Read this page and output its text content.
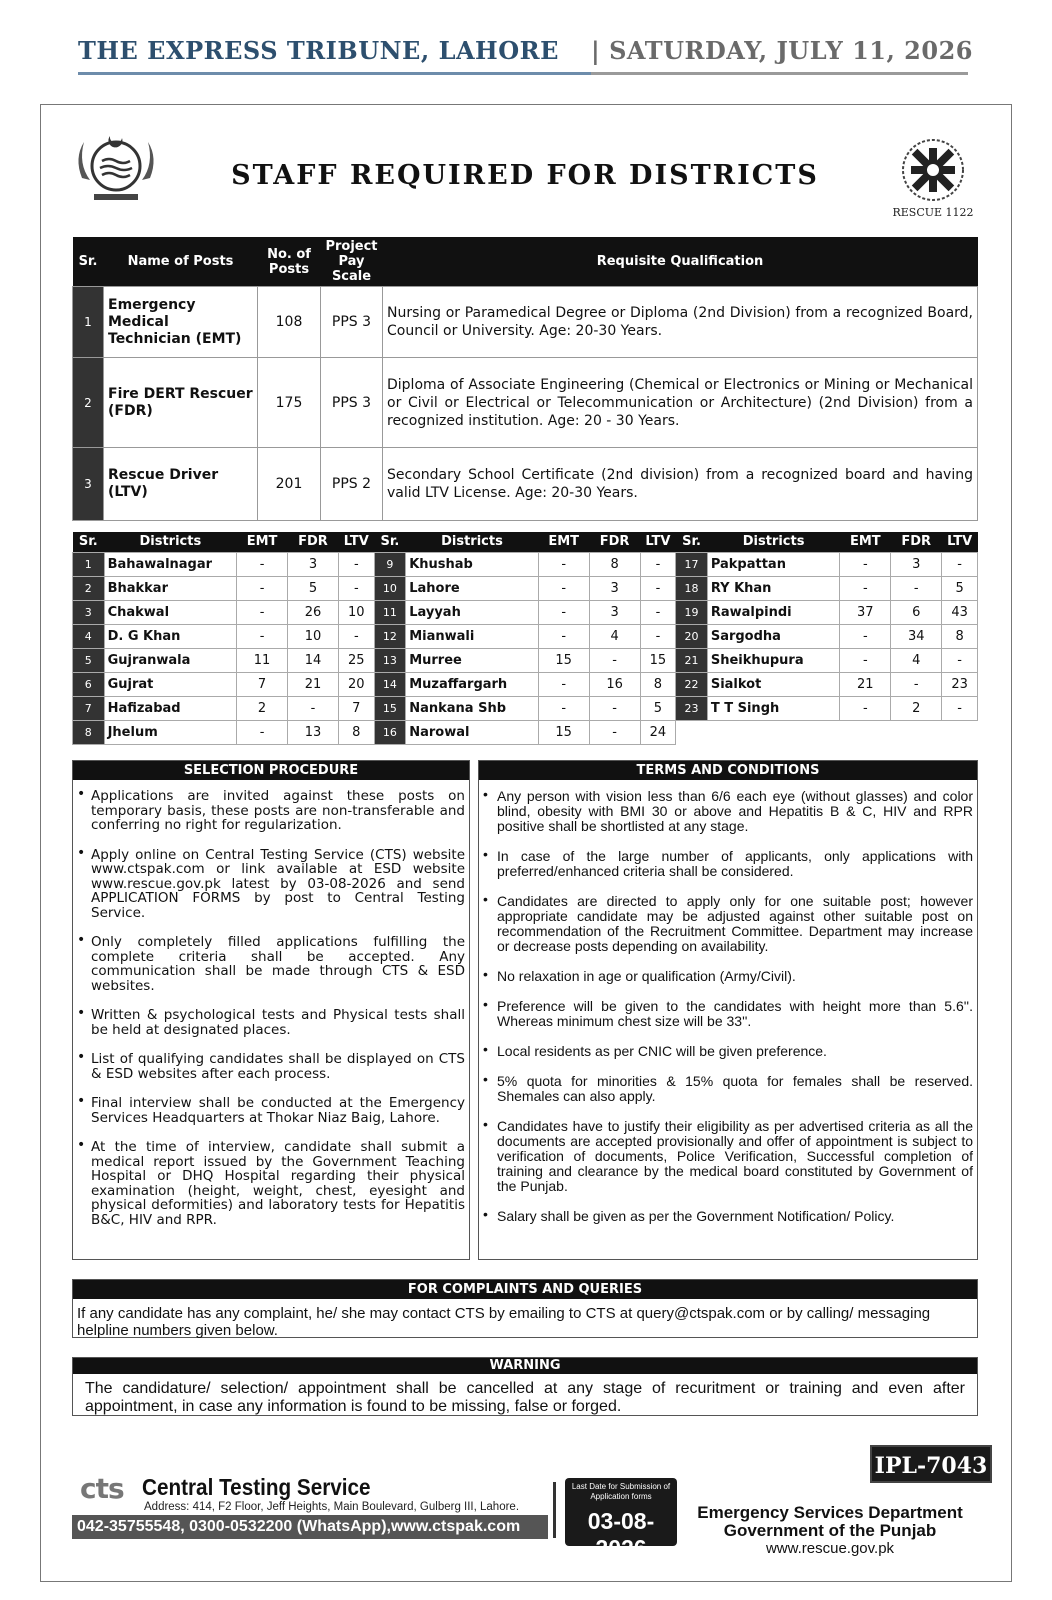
THE EXPRESS TRIBUNE, LAHORE | SATURDAY, JULY 11, 2026
STAFF REQUIRED FOR DISTRICTS
RESCUE 1122
Sr.	Name of Posts	No. of Posts	Project Pay Scale	Requisite Qualification
1	Emergency Medical Technician (EMT)	108	PPS 3	Nursing or Paramedical Degree or Diploma (2nd Division) from a recognized Board, Council or University. Age: 20-30 Years.
2	Fire DERT Rescuer (FDR)	175	PPS 3	Diploma of Associate Engineering (Chemical or Electronics or Mining or Mechanical or Civil or Electrical or Telecommunication or Architecture) (2nd Division) from a recognized institution. Age: 20 - 30 Years.
3	Rescue Driver (LTV)	201	PPS 2	Secondary School Certificate (2nd division) from a recognized board and having valid LTV License. Age: 20-30 Years.
Sr.	Districts	EMT	FDR	LTV	Sr.	Districts	EMT	FDR	LTV	Sr.	Districts	EMT	FDR	LTV
1	Bahawalnagar	-	3	-	9	Khushab	-	8	-	17	Pakpattan	-	3	-
2	Bhakkar	-	5	-	10	Lahore	-	3	-	18	RY Khan	-	-	5
3	Chakwal	-	26	10	11	Layyah	-	3	-	19	Rawalpindi	37	6	43
4	D. G Khan	-	10	-	12	Mianwali	-	4	-	20	Sargodha	-	34	8
5	Gujranwala	11	14	25	13	Murree	15	-	15	21	Sheikhupura	-	4	-
6	Gujrat	7	21	20	14	Muzaffargarh	-	16	8	22	Sialkot	21	-	23
7	Hafizabad	2	-	7	15	Nankana Shb	-	-	5	23	T T Singh	-	2	-
8	Jhelum	-	13	8	16	Narowal	15	-	24					
SELECTION PROCEDURE
• Applications are invited against these posts on temporary basis, these posts are non-transferable and conferring no right for regularization.
• Apply online on Central Testing Service (CTS) website www.ctspak.com or link available at ESD website www.rescue.gov.pk latest by 03-08-2026 and send APPLICATION FORMS by post to Central Testing Service.
• Only completely filled applications fulfilling the complete criteria shall be accepted. Any communication shall be made through CTS & ESD websites.
• Written & psychological tests and Physical tests shall be held at designated places.
• List of qualifying candidates shall be displayed on CTS & ESD websites after each process.
• Final interview shall be conducted at the Emergency Services Headquarters at Thokar Niaz Baig, Lahore.
• At the time of interview, candidate shall submit a medical report issued by the Government Teaching Hospital or DHQ Hospital regarding their physical examination (height, weight, chest, eyesight and physical deformities) and laboratory tests for Hepatitis B&C, HIV and RPR.
TERMS AND CONDITIONS
• Any person with vision less than 6/6 each eye (without glasses) and color blind, obesity with BMI 30 or above and Hepatitis B & C, HIV and RPR positive shall be shortlisted at any stage.
• In case of the large number of applicants, only applications with preferred/enhanced criteria shall be considered.
• Candidates are directed to apply only for one suitable post; however appropriate candidate may be adjusted against other suitable post on recommendation of the Recruitment Committee. Department may increase or decrease posts depending on availability.
• No relaxation in age or qualification (Army/Civil).
• Preference will be given to the candidates with height more than 5.6''. Whereas minimum chest size will be 33''.
• Local residents as per CNIC will be given preference.
• 5% quota for minorities & 15% quota for females shall be reserved. Shemales can also apply.
• Candidates have to justify their eligibility as per advertised criteria as all the documents are accepted provisionally and offer of appointment is subject to verification of documents, Police Verification, Successful completion of training and clearance by the medical board constituted by Government of the Punjab.
• Salary shall be given as per the Government Notification/ Policy.
FOR COMPLAINTS AND QUERIES
If any candidate has any complaint, he/ she may contact CTS by emailing to CTS at query@ctspak.com or by calling/ messaging helpline numbers given below.
WARNING
The candidature/ selection/ appointment shall be cancelled at any stage of recuritment or training and even after appointment, in case any information is found to be missing, false or forged.
IPL-7043
cts Central Testing Service
Address: 414, F2 Floor, Jeff Heights, Main Boulevard, Gulberg III, Lahore.
042-35755548, 0300-0532200 (WhatsApp),www.ctspak.com
Last Date for Submission of Application forms
03-08-2026
Emergency Services Department
Government of the Punjab
www.rescue.gov.pk
